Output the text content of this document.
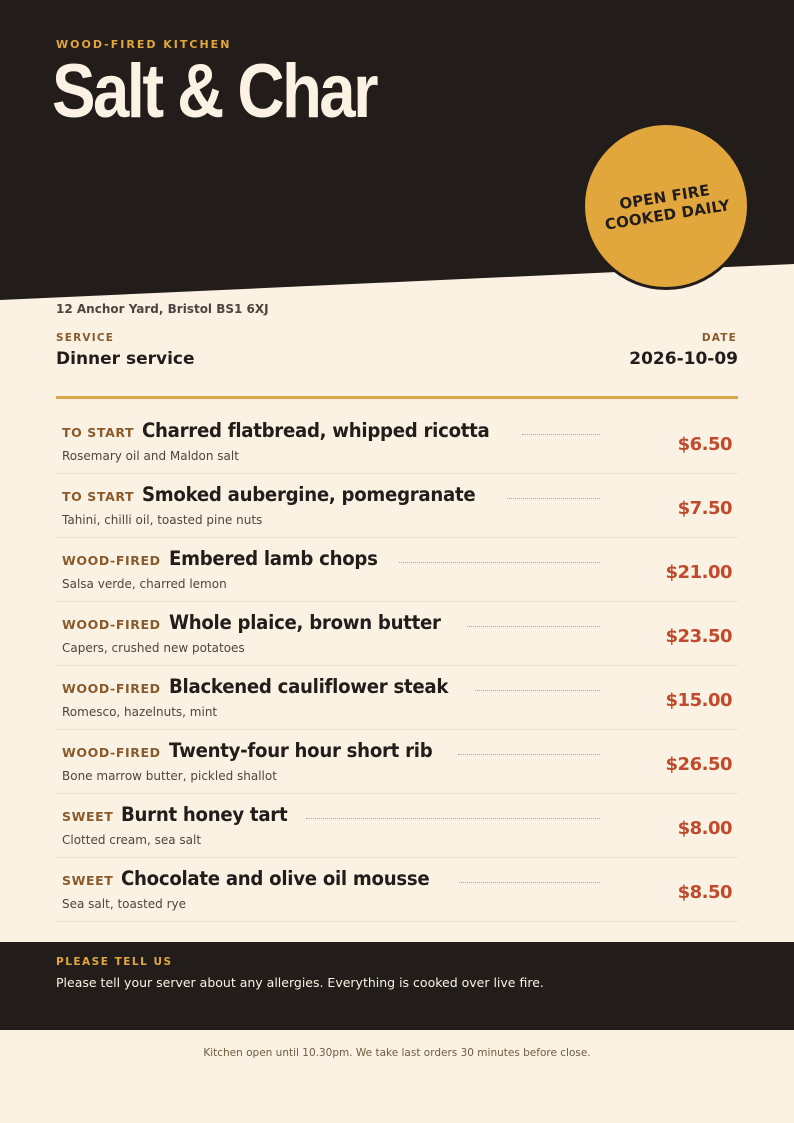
WOOD-FIRED KITCHEN
Salt & Char
OPEN FIRE COOKED DAILY
12 Anchor Yard, Bristol BS1 6XJ
SERVICE
Dinner service
DATE
2026-10-09
TO START Charred flatbread, whipped ricotta
Rosemary oil and Maldon salt
$6.50
TO START Smoked aubergine, pomegranate
Tahini, chilli oil, toasted pine nuts
$7.50
WOOD-FIRED Embered lamb chops
Salsa verde, charred lemon
$21.00
WOOD-FIRED Whole plaice, brown butter
Capers, crushed new potatoes
$23.50
WOOD-FIRED Blackened cauliflower steak
Romesco, hazelnuts, mint
$15.00
WOOD-FIRED Twenty-four hour short rib
Bone marrow butter, pickled shallot
$26.50
SWEET Burnt honey tart
Clotted cream, sea salt
$8.00
SWEET Chocolate and olive oil mousse
Sea salt, toasted rye
$8.50
PLEASE TELL US
Please tell your server about any allergies. Everything is cooked over live fire.
Kitchen open until 10.30pm. We take last orders 30 minutes before close.
